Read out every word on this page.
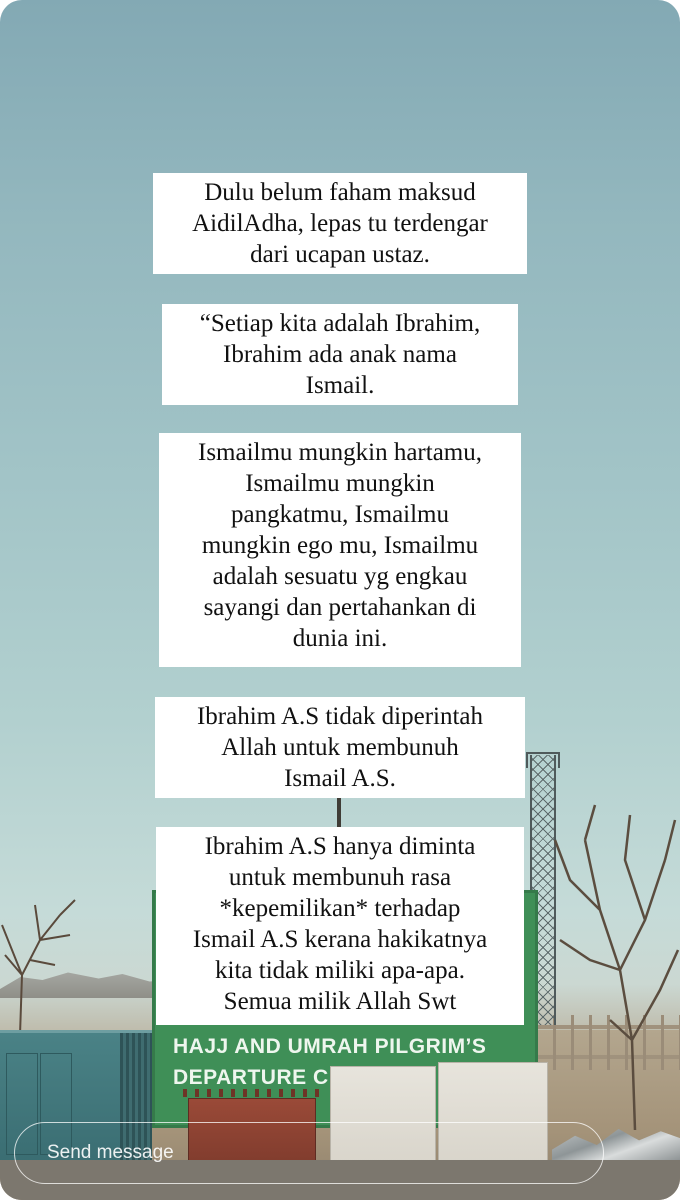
HAJJ AND UMRAH PILGRIM’S
DEPARTURE C
Dulu belum faham maksud
AidilAdha, lepas tu terdengar
dari ucapan ustaz.
“Setiap kita adalah Ibrahim,
Ibrahim ada anak nama
Ismail.
Ismailmu mungkin hartamu,
Ismailmu mungkin
pangkatmu, Ismailmu
mungkin ego mu, Ismailmu
adalah sesuatu yg engkau
sayangi dan pertahankan di
dunia ini.
Ibrahim A.S tidak diperintah
Allah untuk membunuh
Ismail A.S.
Ibrahim A.S hanya diminta
untuk membunuh rasa
*kepemilikan* terhadap
Ismail A.S kerana hakikatnya
kita tidak miliki apa-apa.
Semua milik Allah Swt
Send message
